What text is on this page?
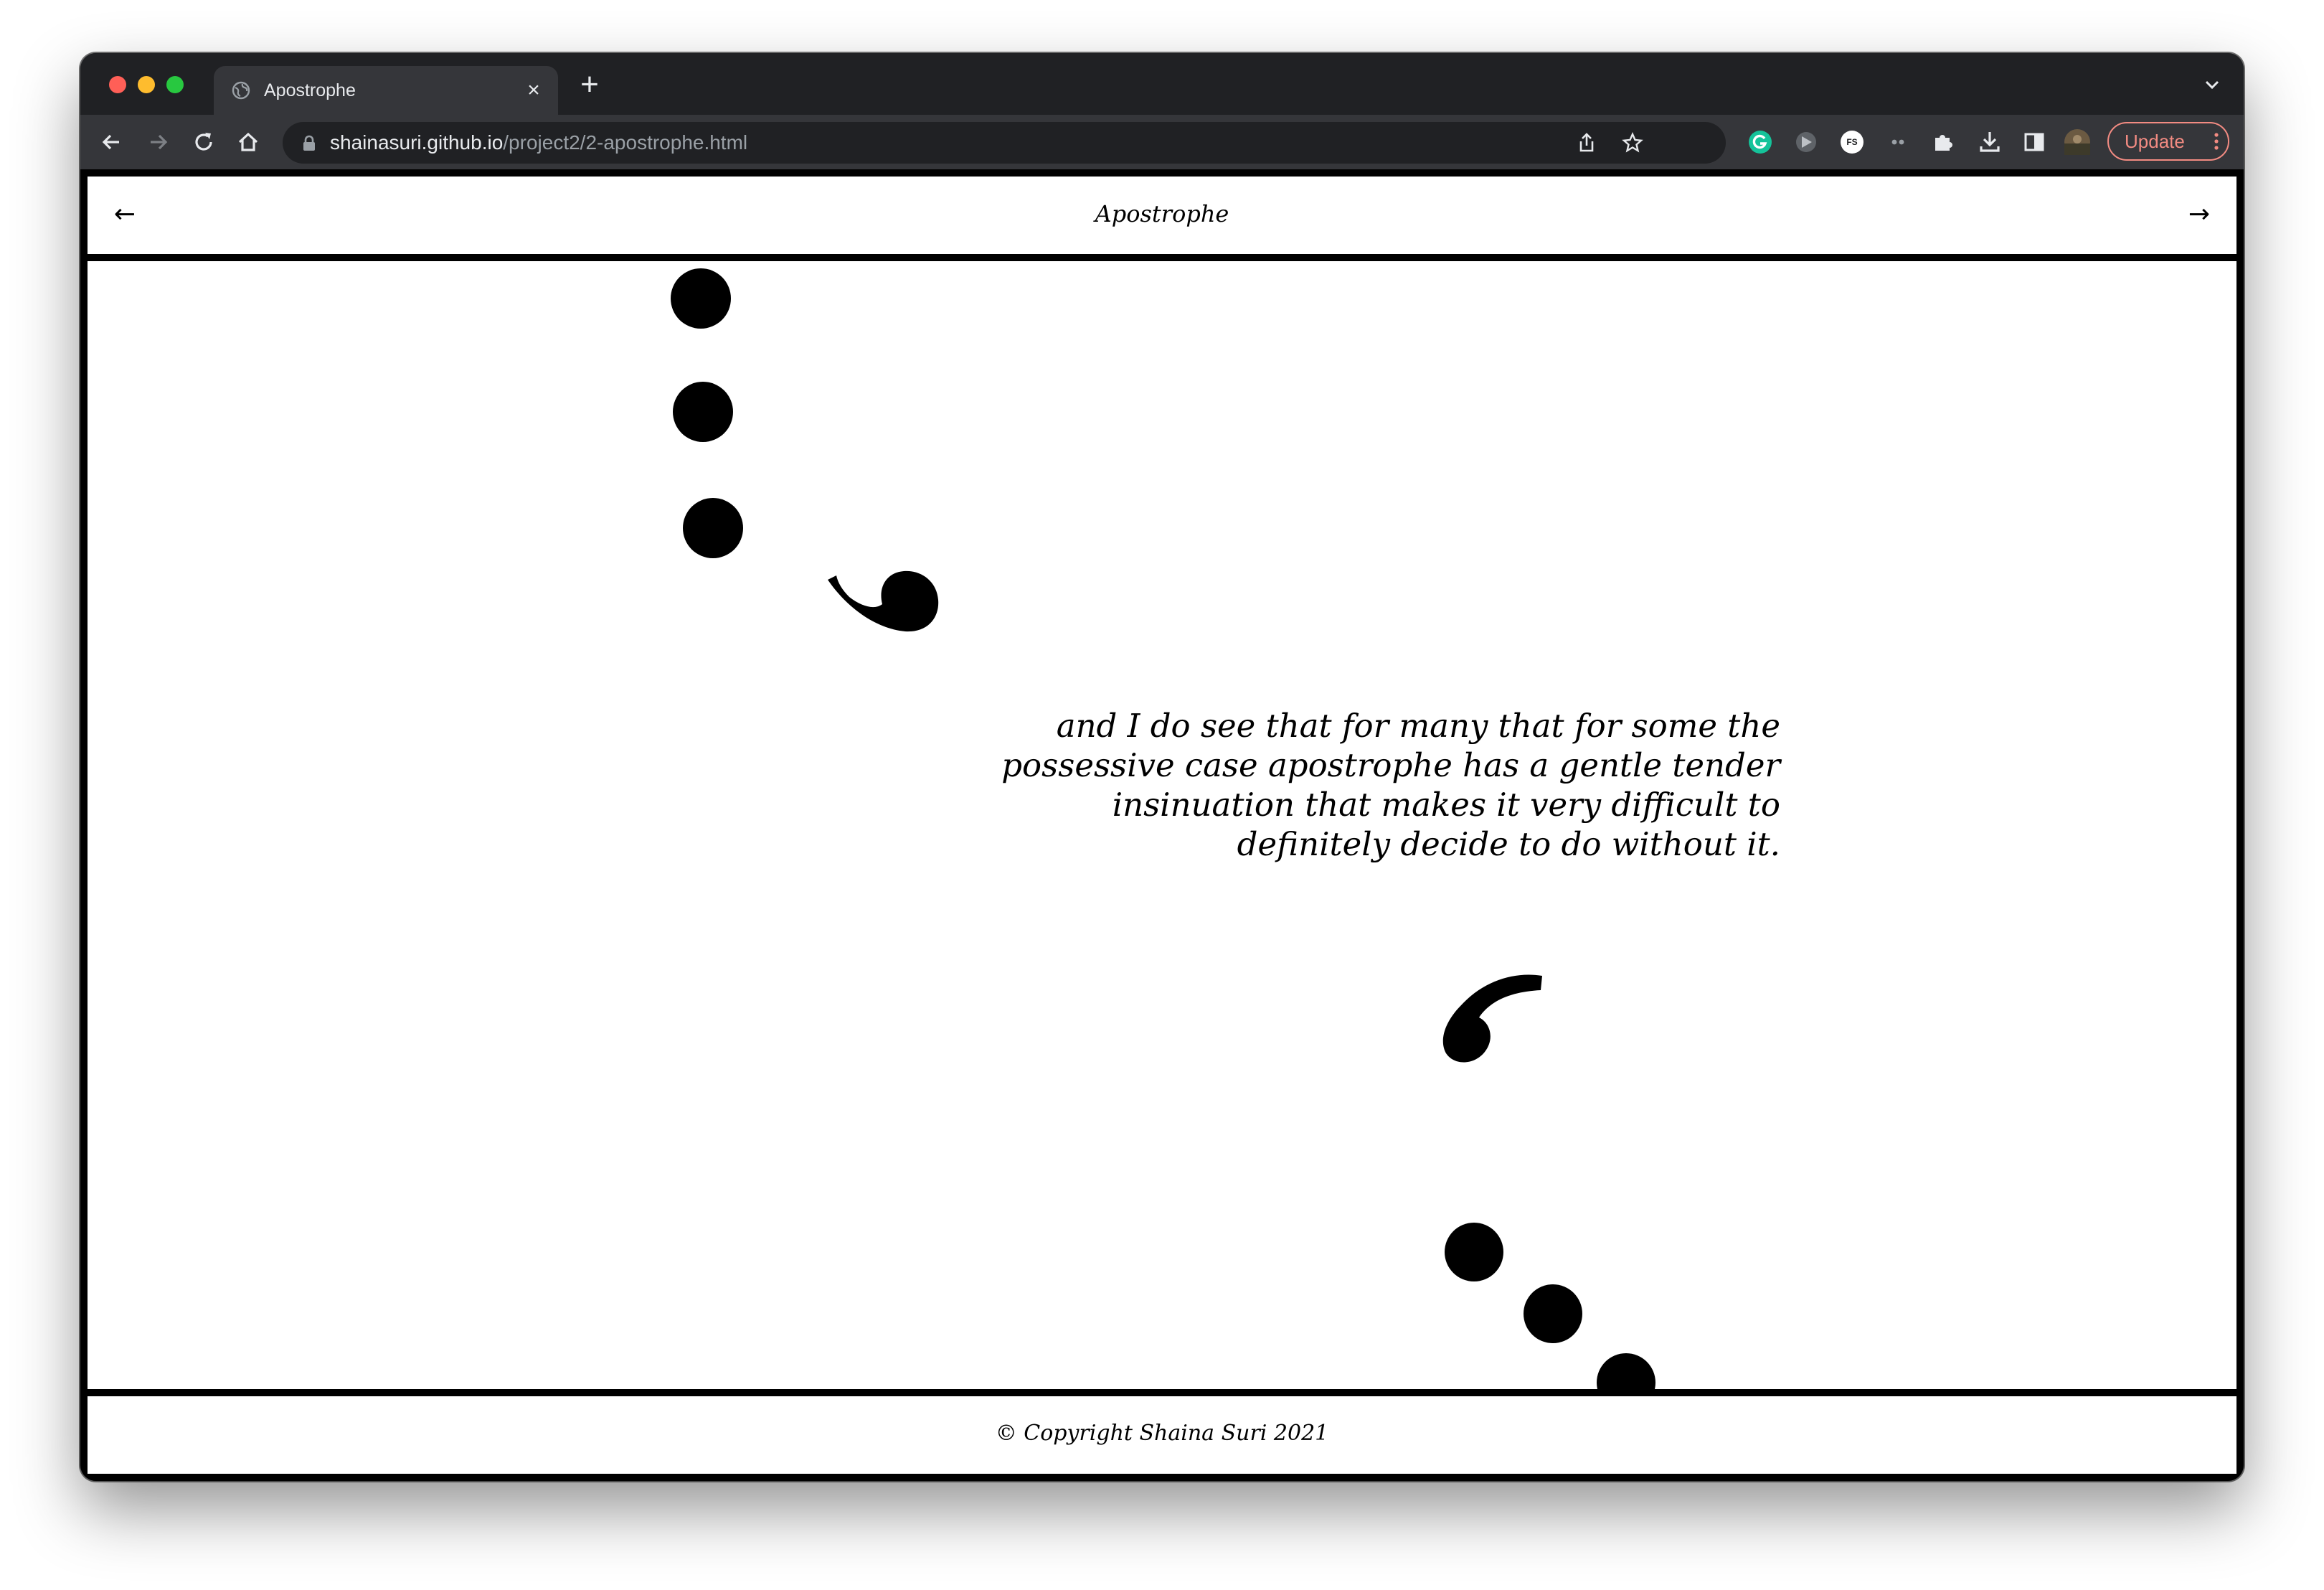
Apostrophe	× +
shainasuri.github.io/project2/2-apostrophe.html	FS	Update
←	Apostrophe	→
and I do see that for many that for some the
possessive case apostrophe has a gentle tender
insinuation that makes it very difficult to
definitely decide to do without it.
© Copyright Shaina Suri 2021
